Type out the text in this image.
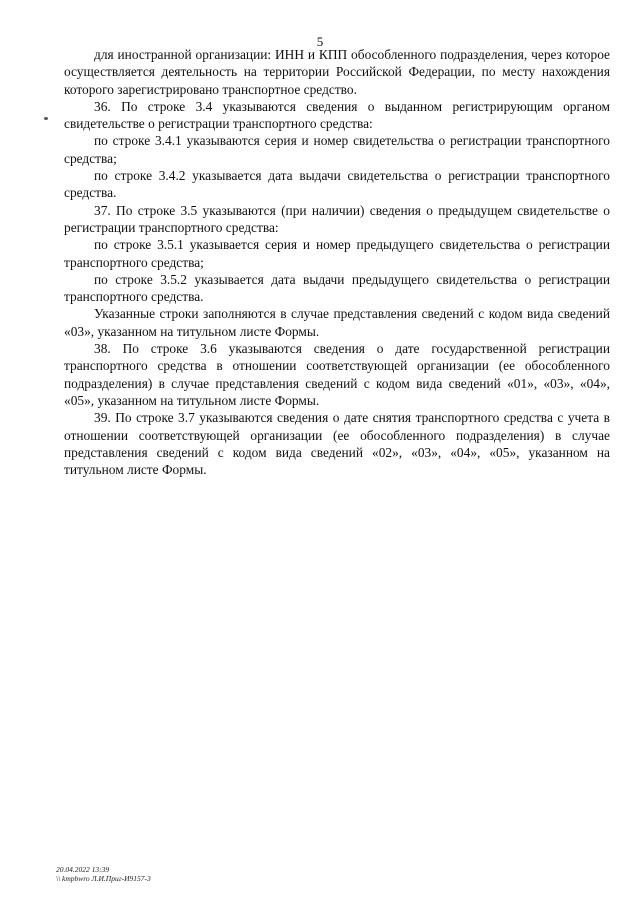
5

для иностранной организации: ИНН и КПП обособленного подразделения, через которое осуществляется деятельность на территории Российской Федерации, по месту нахождения которого зарегистрировано транспортное средство.

36. По строке 3.4 указываются сведения о выданном регистрирующим органом свидетельстве о регистрации транспортного средства:

по строке 3.4.1 указываются серия и номер свидетельства о регистрации транспортного средства;

по строке 3.4.2 указывается дата выдачи свидетельства о регистрации транспортного средства.

37. По строке 3.5 указываются (при наличии) сведения о предыдущем свидетельстве о регистрации транспортного средства:

по строке 3.5.1 указывается серия и номер предыдущего свидетельства о регистрации транспортного средства;

по строке 3.5.2 указывается дата выдачи предыдущего свидетельства о регистрации транспортного средства.

Указанные строки заполняются в случае представления сведений с кодом вида сведений «03», указанном на титульном листе Формы.

38. По строке 3.6 указываются сведения о дате государственной регистрации транспортного средства в отношении соответствующей организации (ее обособленного подразделения) в случае представления сведений с кодом вида сведений «01», «03», «04», «05», указанном на титульном листе Формы.

39. По строке 3.7 указываются сведения о дате снятия транспортного средства с учета в отношении соответствующей организации (ее обособленного подразделения) в случае представления сведений с кодом вида сведений «02», «03», «04», «05», указанном на титульном листе Формы.

20.04.2022 13:39
\\ kmpbwro Л.И.Приг-И9157-3
